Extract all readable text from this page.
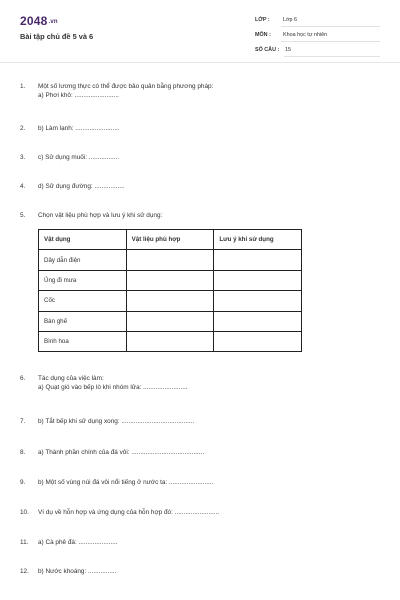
2048.vn
Bài tập chủ đề 5 và 6
LỚP : Lớp 6
MÔN : Khoa học tự nhiên
SỐ CÂU : 15
1. Một số lương thực có thể được bảo quản bằng phương pháp:
a) Phơi khô: .........................
2. b) Làm lạnh: .........................
3. c) Sử dụng muối: .................
4. d) Sử dụng đường: .................
5. Chọn vật liệu phù hợp và lưu ý khi sử dụng:
Vật dụng	Vật liệu phù hợp	Lưu ý khi sử dụng
Dây dẫn điện		
Ủng đi mưa		
Cốc		
Bàn ghế		
Bình hoa		
6. Tác dụng của việc làm:
a) Quạt gió vào bếp lò khi nhóm lửa: .........................
7. b) Tắt bếp khi sử dụng xong: .........................................
8. a) Thành phần chính của đá vôi: .........................................
9. b) Một số vùng núi đá vôi nổi tiếng ở nước ta: .........................
10. Ví dụ về hỗn hợp và ứng dụng của hỗn hợp đó: .........................
11. a) Cà phê đá: ......................
12. b) Nước khoáng: ................
